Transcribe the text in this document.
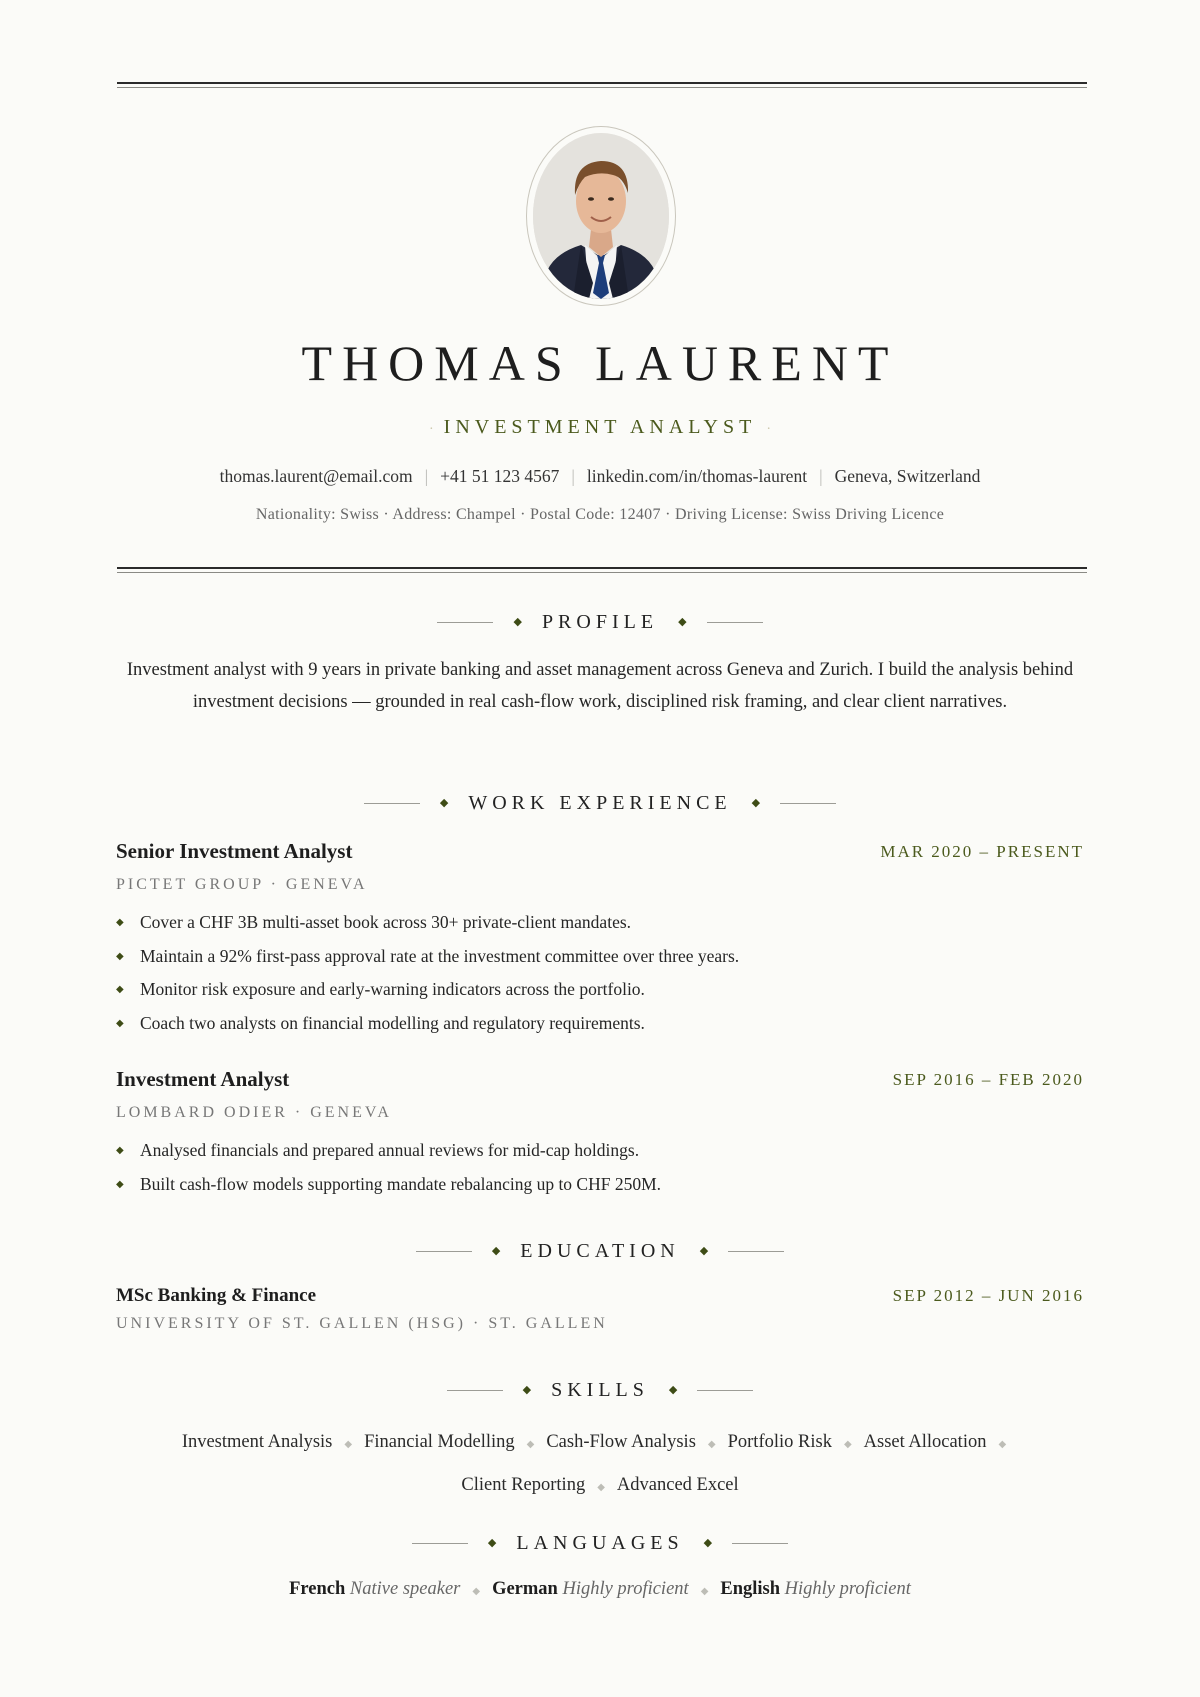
THOMAS LAURENT
· INVESTMENT ANALYST ·
thomas.laurent@email.com | +41 51 123 4567 | linkedin.com/in/thomas-laurent | Geneva, Switzerland
Nationality: Swiss · Address: Champel · Postal Code: 12407 · Driving License: Swiss Driving Licence
◆ PROFILE ◆
Investment analyst with 9 years in private banking and asset management across Geneva and Zurich. I build the analysis behind investment decisions — grounded in real cash-flow work, disciplined risk framing, and clear client narratives.
◆ WORK EXPERIENCE ◆
Senior Investment Analyst	MAR 2020 – PRESENT
PICTET GROUP · GENEVA
◆ Cover a CHF 3B multi-asset book across 30+ private-client mandates.
◆ Maintain a 92% first-pass approval rate at the investment committee over three years.
◆ Monitor risk exposure and early-warning indicators across the portfolio.
◆ Coach two analysts on financial modelling and regulatory requirements.
Investment Analyst	SEP 2016 – FEB 2020
LOMBARD ODIER · GENEVA
◆ Analysed financials and prepared annual reviews for mid-cap holdings.
◆ Built cash-flow models supporting mandate rebalancing up to CHF 250M.
◆ EDUCATION ◆
MSc Banking & Finance	SEP 2012 – JUN 2016
UNIVERSITY OF ST. GALLEN (HSG) · ST. GALLEN
◆ SKILLS ◆
Investment Analysis ◆ Financial Modelling ◆ Cash-Flow Analysis ◆ Portfolio Risk ◆ Asset Allocation ◆
Client Reporting ◆ Advanced Excel
◆ LANGUAGES ◆
French Native speaker ◆ German Highly proficient ◆ English Highly proficient
